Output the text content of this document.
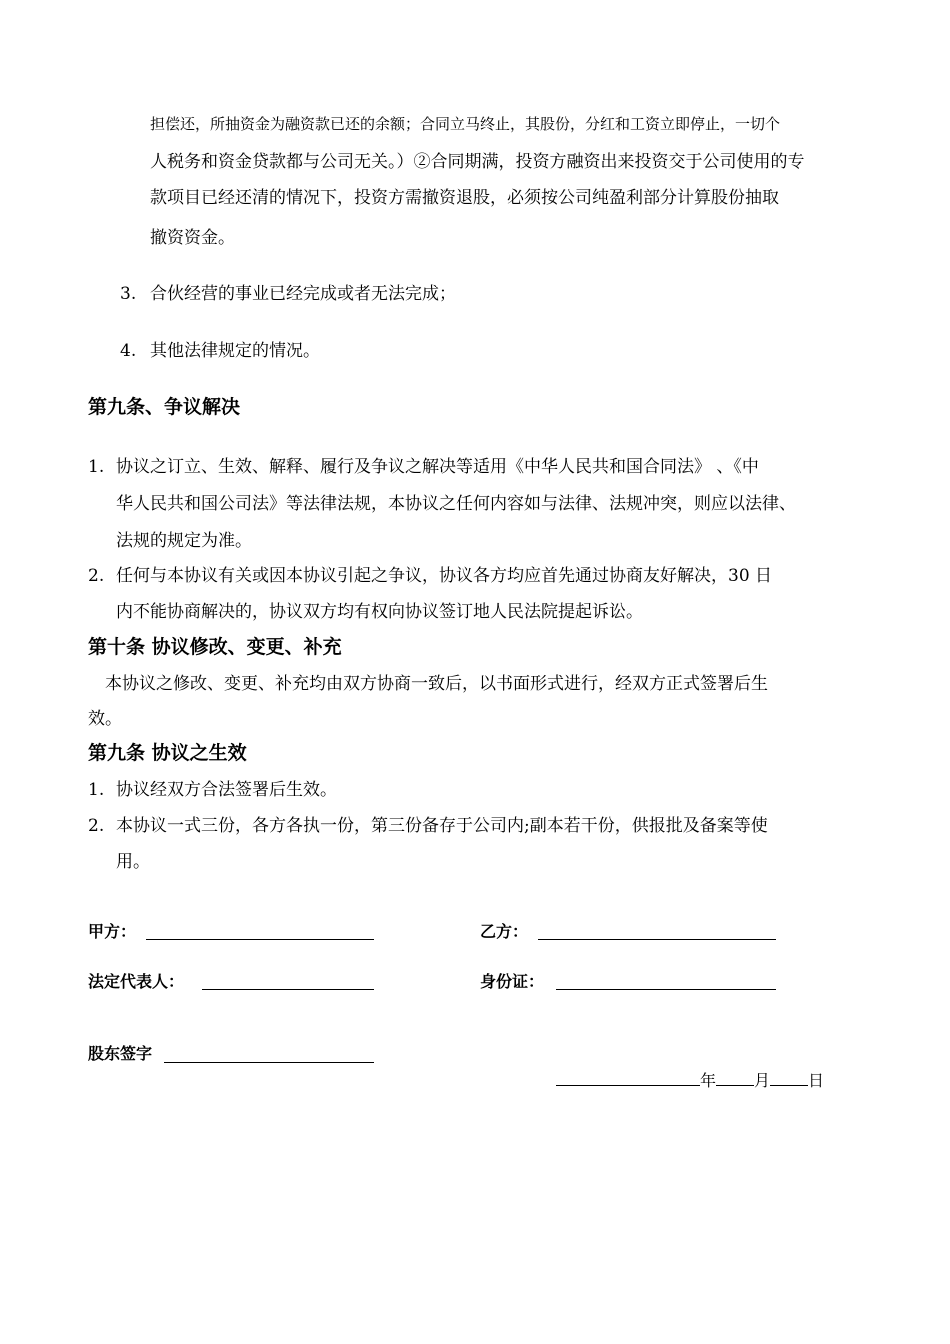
担偿还，所抽资金为融资款已还的余额；合同立马终止，其股份，分红和工资立即停止，一切个
人税务和资金贷款都与公司无关。）②合同期满，投资方融资出来投资交于公司使用的专
款项目已经还清的情况下，投资方需撤资退股，必须按公司纯盈利部分计算股份抽取
撤资资金。
3. 合伙经营的事业已经完成或者无法完成；
4. 其他法律规定的情况。
第九条、争议解决
1. 协议之订立、生效、解释、履行及争议之解决等适用《中华人民共和国合同法》 、《中
华人民共和国公司法》等法律法规，本协议之任何内容如与法律、法规冲突，则应以法律、
法规的规定为准。
2. 任何与本协议有关或因本协议引起之争议，协议各方均应首先通过协商友好解决，30 日
内不能协商解决的，协议双方均有权向协议签订地人民法院提起诉讼。
第十条 协议修改、变更、补充
本协议之修改、变更、补充均由双方协商一致后，以书面形式进行，经双方正式签署后生
效。
第九条 协议之生效
1. 协议经双方合法签署后生效。
2. 本协议一式三份，各方各执一份，第三份备存于公司内;副本若干份，供报批及备案等使
用。
甲方：	乙方：
法定代表人：	身份证：
股东签字
年 月 日
